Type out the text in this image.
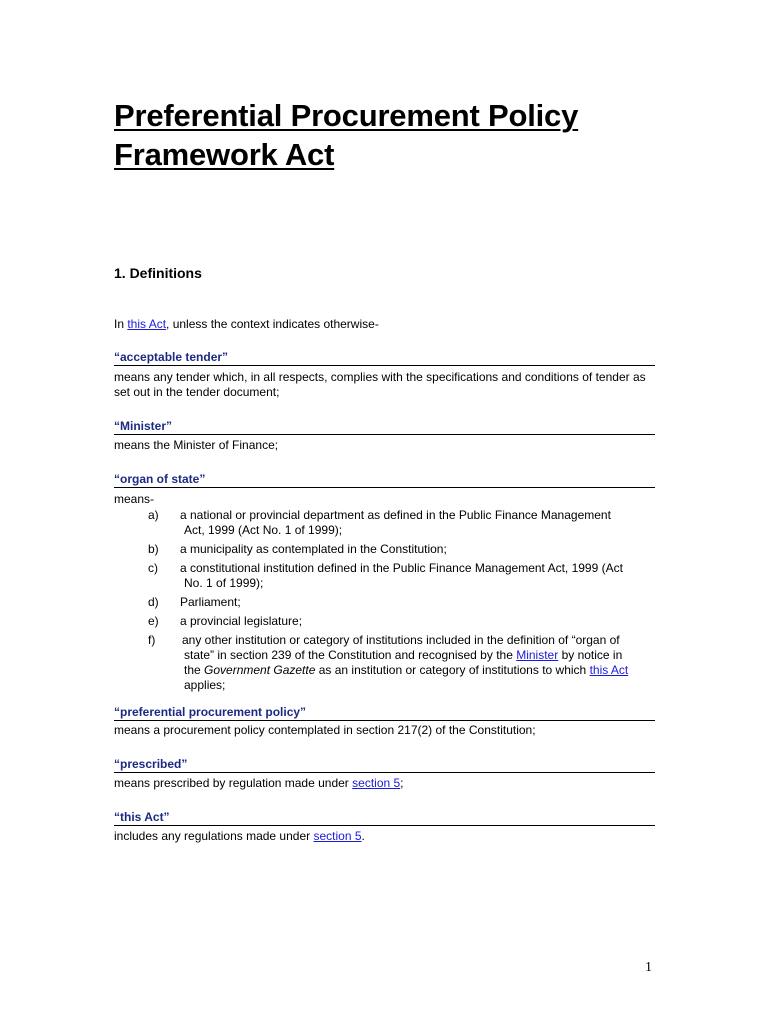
Preferential Procurement Policy Framework Act
1. Definitions

In this Act, unless the context indicates otherwise-

“acceptable tender”

means any tender which, in all respects, complies with the specifications and conditions of tender as set out in the tender document;

“Minister”

means the Minister of Finance;

“organ of state”

means-

a) a national or provincial department as defined in the Public Finance Management
Act, 1999 (Act No. 1 of 1999);
b) a municipality as contemplated in the Constitution;
c) a constitutional institution defined in the Public Finance Management Act, 1999 (Act
No. 1 of 1999);
d) Parliament;
e) a provincial legislature;
f) any other institution or category of institutions included in the definition of “organ of
state” in section 239 of the Constitution and recognised by the Minister by notice in
the Government Gazette as an institution or category of institutions to which this Act
applies;

“preferential procurement policy”

means a procurement policy contemplated in section 217(2) of the Constitution;

“prescribed”

means prescribed by regulation made under section 5;

“this Act”

includes any regulations made under section 5.

1
